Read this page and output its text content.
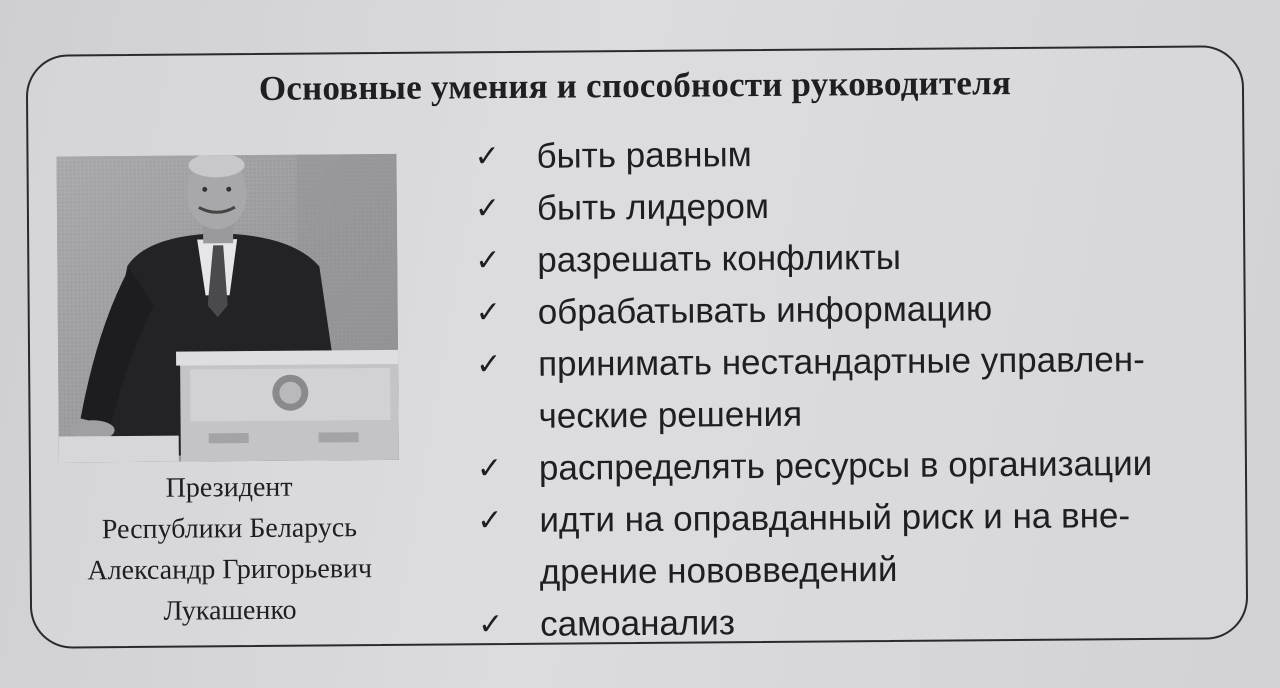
Основные умения и способности руководителя
Президент
Республики Беларусь
Александр Григорьевич
Лукашенко
✓ быть равным
✓ быть лидером
✓ разрешать конфликты
✓ обрабатывать информацию
✓ принимать нестандартные управлен-
ческие решения
✓ распределять ресурсы в организации
✓ идти на оправданный риск и на вне-
дрение нововведений
✓ самоанализ
